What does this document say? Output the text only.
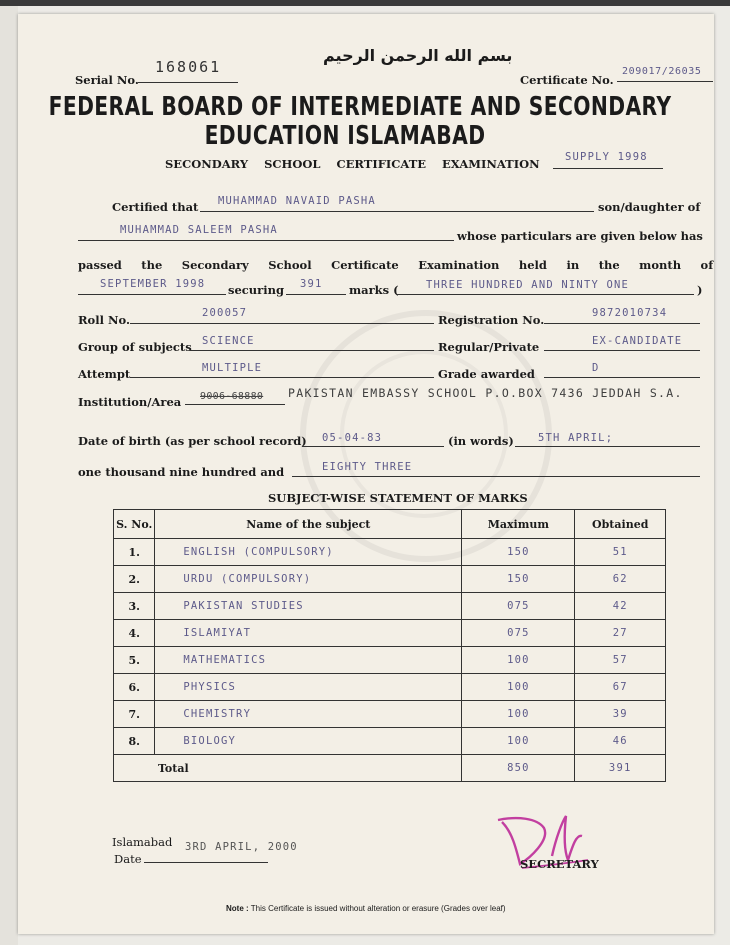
بسم الله الرحمن الرحيم
Serial No.
168061
Certificate No.
209017/26035
FEDERAL BOARD OF INTERMEDIATE AND SECONDARY
EDUCATION ISLAMABAD
SECONDARY SCHOOL CERTIFICATE EXAMINATION SUPPLY 1998
Certified that MUHAMMAD NAVAID PASHA	son/daughter of
MUHAMMAD SALEEM PASHA	whose particulars are given below has
passed the Secondary School Certificate Examination held in the month of
SEPTEMBER 1998 securing 391 marks (	THREE HUNDRED AND NINTY ONE	)
Roll No.	200057	Registration No.	9872010734
Group of subjects SCIENCE	Regular/Private	EX-CANDIDATE
Attempt	MULTIPLE	Grade awarded	D
Institution/Area 9006-68880 PAKISTAN EMBASSY SCHOOL P.O.BOX 7436 JEDDAH S.A.
Date of birth (as per school record) 05-04-83	(in words) 5TH APRIL;
one thousand nine hundred and	EIGHTY THREE
SUBJECT-WISE STATEMENT OF MARKS
S. No.	Name of the subject	Maximum	Obtained
1.	ENGLISH (COMPULSORY)	150	51
2.	URDU (COMPULSORY)	150	62
3.	PAKISTAN STUDIES	075	42
4.	ISLAMIYAT	075	27
5.	MATHEMATICS	100	57
6.	PHYSICS	100	67
7.	CHEMISTRY	100	39
8.	BIOLOGY	100	46
Total		850	391
Islamabad
Date
3RD APRIL, 2000
SECRETARY
Note : This Certificate is issued without alteration or erasure (Grades over leaf)
